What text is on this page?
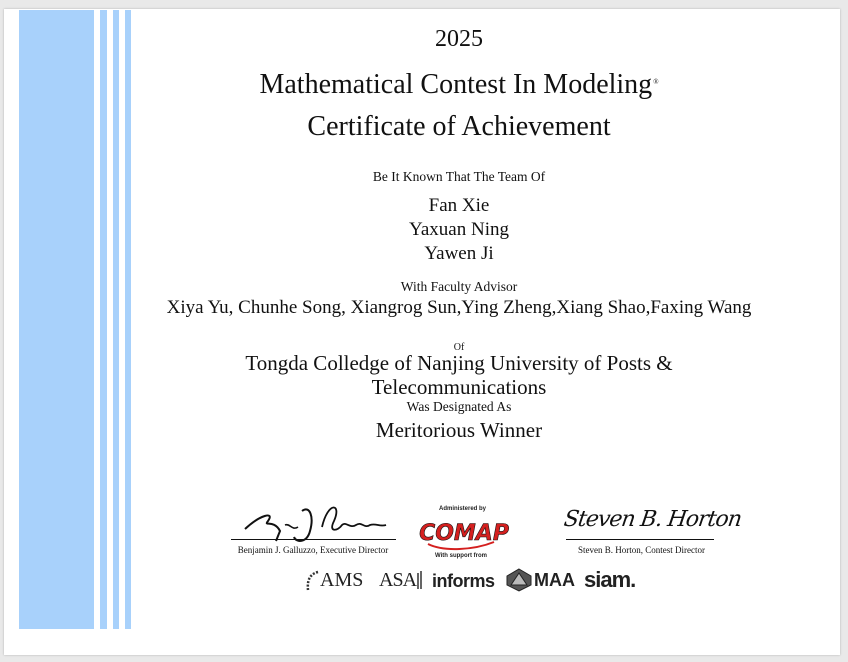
2025
Mathematical Contest In Modeling®
Certificate of Achievement
Be It Known That The Team Of
Fan Xie
Yaxuan Ning
Yawen Ji
With Faculty Advisor
Xiya Yu, Chunhe Song, Xiangrog Sun,Ying Zheng,Xiang Shao,Faxing Wang
Of
Tongda Colledge of Nanjing University of Posts &
Telecommunications
Was Designated As
Meritorious Winner
Benjamin J. Galluzzo, Executive Director
Administered by
COMAP
With support from
Steven B. Horton
Steven B. Horton, Contest Director
AMS ASA informs	MAA siam.
